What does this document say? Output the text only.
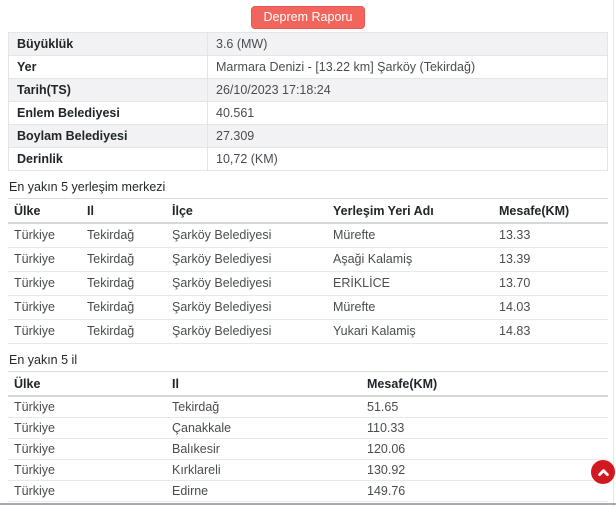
Deprem Raporu
Büyüklük	3.6 (MW)
Yer	Marmara Denizi - [13.22 km] Şarköy (Tekirdağ)
Tarih(TS)	26/10/2023 17:18:24
Enlem Belediyesi	40.561
Boylam Belediyesi	27.309
Derinlik	10,72 (KM)
En yakın 5 yerleşim merkezi
Ülke	Il	İlçe	Yerleşim Yeri Adı	Mesafe(KM)
Türkiye	Tekirdağ	Şarköy Belediyesi	Mürefte	13.33
Türkiye	Tekirdağ	Şarköy Belediyesi	Aşaği Kalamiş	13.39
Türkiye	Tekirdağ	Şarköy Belediyesi	ERİKLİCE	13.70
Türkiye	Tekirdağ	Şarköy Belediyesi	Mürefte	14.03
Türkiye	Tekirdağ	Şarköy Belediyesi	Yukari Kalamiş	14.83
En yakın 5 il
Ülke	Il	Mesafe(KM)
Türkiye	Tekirdağ	51.65
Türkiye	Çanakkale	110.33
Türkiye	Balıkesir	120.06
Türkiye	Kırklareli	130.92
Türkiye	Edirne	149.76
